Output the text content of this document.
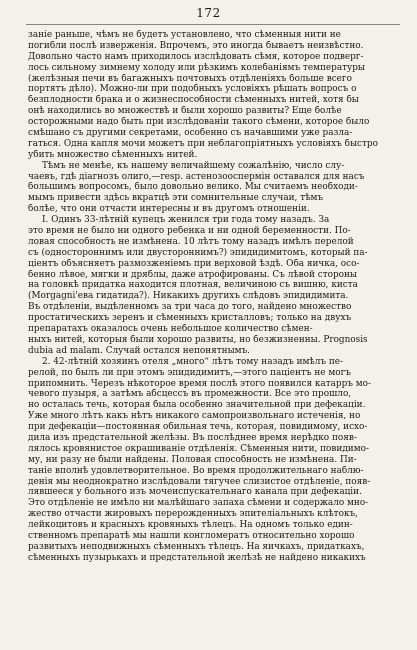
172
зaніе раньше, чѣмъ не будетъ установлено, что сѣменныя нити не
погибли послѣ изверженія. Впрочемъ, это иногда бываетъ неизвѣстно.
Довольно часто намъ приходилось изслѣдовать сѣмя, которое подверг-
лось сильному зимнему холоду или рѣзкимъ колебаніямъ температуры
(желѣзныя печи въ багажныхъ почтовыхъ отдѣленіяхъ больше всего
портятъ дѣло). Можно-ли при подобныхъ условіяхъ рѣшать вопросъ о
безплодности брака и о жизнеспособности сѣменныхъ нитей, хотя бы
онѣ находились во множествѣ и были хорошо развиты? Еще болѣе
осторожными надо быть при изслѣдованіи такого сѣмени, которое было
смѣшано съ другими секретами, особенно съ начавшими уже разла-
гаться. Одна капля мочи можетъ при неблагопріятныхъ условіяхъ быстро
убить множество сѣменныхъ нитей.
Тѣмъ не менѣе, къ нашему величайшему сожалѣнію, число слу-
чаевъ, гдѣ діагнозъ олиго,—resp. астенозооспермін оставался для насъ
большимъ вопросомъ, было довольно велико. Мы считаемъ необходи-
мымъ привести здѣсь вкратцѣ эти сомнительные случаи, тѣмъ
болѣе, что они отчасти интересны и въ другомъ отношеніи.
I. Одинъ 33-лѣтній купецъ женился три года тому назадъ. За
это время не было ни одного ребенка и ни одной беременности. По-
ловая способность не измѣнена. 10 лѣтъ тому назадъ имѣлъ перелой
съ (одностороннимъ или двустороннимъ?) эпидидимитомъ, который па-
ціентъ объясняетъ размозженіемъ при верховой ѣздѣ. Оба яичка, осо-
бенно лѣвое, мягки и дряблы, даже атрофированы. Съ лѣвой стороны
на головкѣ придатка находится плотная, величиною съ вишню, киста
(Morgagni'ева гидатида?). Никакихъ другихъ слѣдовъ эпидидимита.
Въ отдѣленіи, выдѣленномъ за три часа до того, найдено множество
простатическихъ зеренъ и сѣменныхъ кристалловъ; только на двухъ
препаратахъ оказалось очень небольшое количество сѣмен-
ныхъ нитей, которыя были хорошо развиты, но безжизненны. Prognosis
dubia ad malam. Случай остался непонятнымъ.
2. 42-лѣтній хозяинъ отеля „много“ лѣтъ тому назадъ имѣлъ пе-
релой, по былъ ли при этомъ эпидидимитъ,—этого паціентъ не могъ
припомнить. Черезъ нѣкоторое время послѣ этого появился катарръ мо-
чевого пузыря, а затѣмъ абсцессъ въ промежности. Все это прошло,
но осталась течь, которая была особенно значительной при дефекаціи.
Уже много лѣтъ какъ нѣтъ никакого самопроизвольнаго истеченія, но
при дефекаціи—постоянная обильная течь, которая, повидимому, исхо-
дила изъ предстательной желѣзы. Въ послѣднее время нерѣдко появ-
лялось кровянистое окрашиваніе отдѣленія. Сѣменныя нити, повидимо-
му, ни разу не были найдены. Половая способность не измѣнена. Пи-
таніе вполнѣ удовлетворительное. Во время продолжительнаго наблю-
денія мы неоднократно изслѣдовали тягучее слизистое отдѣленіе, появ-
лявшееся у больного изъ мочеиспускательнаго канала при дефекаціи.
Это отдѣленіе не имѣло ни малѣйшаго запаха сѣмени и содержало мно-
жество отчасти жировыхъ перерожденныхъ эпителіальныхъ клѣтокъ,
лейкоцитовъ и красныхъ кровяныхъ тѣлецъ. На одномъ только един-
ственномъ препаратѣ мы нашли конгломератъ относительно хорошо
развитыхъ неподвижныхъ сѣменныхъ тѣлецъ. На яичкахъ, придаткахъ,
сѣменныхъ пузырькахъ и предстательной желѣзѣ не найдено никакихъ
